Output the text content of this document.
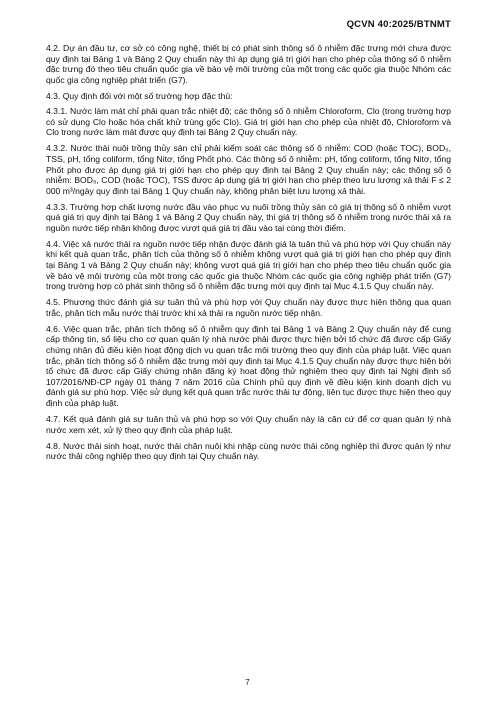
QCVN 40:2025/BTNMT

4.2. Dự án đầu tư, cơ sở có công nghệ, thiết bị có phát sinh thông số ô nhiễm đặc trưng mới chưa được quy định tại Bảng 1 và Bảng 2 Quy chuẩn này thì áp dụng giá trị giới hạn cho phép của thông số ô nhiễm đặc trưng đó theo tiêu chuẩn quốc gia về bảo vệ môi trường của một trong các quốc gia thuộc Nhóm các quốc gia công nghiệp phát triển (G7).

4.3. Quy định đối với một số trường hợp đặc thù:

4.3.1. Nước làm mát chỉ phải quan trắc nhiệt độ; các thông số ô nhiễm Chloroform, Clo (trong trường hợp có sử dụng Clo hoặc hóa chất khử trùng gốc Clo). Giá trị giới hạn cho phép của nhiệt độ, Chloroform và Clo trong nước làm mát được quy định tại Bảng 2 Quy chuẩn này.

4.3.2. Nước thải nuôi trồng thủy sản chỉ phải kiểm soát các thông số ô nhiễm: COD (hoặc TOC), BOD₅, TSS, pH, tổng coliform, tổng Nitơ, tổng Phốt pho. Các thông số ô nhiễm: pH, tổng coliform, tổng Nitơ, tổng Phốt pho được áp dụng giá trị giới hạn cho phép quy định tại Bảng 2 Quy chuẩn này; các thông số ô nhiễm: BOD₅, COD (hoặc TOC), TSS được áp dụng giá trị giới hạn cho phép theo lưu lượng xả thải F ≤ 2 000 m³/ngày quy định tại Bảng 1 Quy chuẩn này, không phân biệt lưu lượng xả thải.

4.3.3. Trường hợp chất lượng nước đầu vào phục vụ nuôi trồng thủy sản có giá trị thông số ô nhiễm vượt quá giá trị quy định tại Bảng 1 và Bảng 2 Quy chuẩn này, thì giá trị thông số ô nhiễm trong nước thải xả ra nguồn nước tiếp nhận không được vượt quá giá trị đầu vào tại cùng thời điểm.

4.4. Việc xả nước thải ra nguồn nước tiếp nhận được đánh giá là tuân thủ và phù hợp với Quy chuẩn này khi kết quả quan trắc, phân tích của thông số ô nhiễm không vượt quá giá trị giới hạn cho phép quy định tại Bảng 1 và Bảng 2 Quy chuẩn này; không vượt quá giá trị giới hạn cho phép theo tiêu chuẩn quốc gia về bảo vệ môi trường của một trong các quốc gia thuộc Nhóm các quốc gia công nghiệp phát triển (G7) trong trường hợp có phát sinh thông số ô nhiễm đặc trưng mới quy định tại Mục 4.1.5 Quy chuẩn này.

4.5. Phương thức đánh giá sự tuân thủ và phù hợp với Quy chuẩn này được thực hiện thông qua quan trắc, phân tích mẫu nước thải trước khi xả thải ra nguồn nước tiếp nhận.

4.6. Việc quan trắc, phân tích thông số ô nhiễm quy định tại Bảng 1 và Bảng 2 Quy chuẩn này để cung cấp thông tin, số liệu cho cơ quan quản lý nhà nước phải được thực hiện bởi tổ chức đã được cấp Giấy chứng nhận đủ điều kiện hoạt động dịch vụ quan trắc môi trường theo quy định của pháp luật. Việc quan trắc, phân tích thông số ô nhiễm đặc trưng mới quy định tại Mục 4.1.5 Quy chuẩn này được thực hiện bởi tổ chức đã được cấp Giấy chứng nhận đăng ký hoạt động thử nghiệm theo quy định tại Nghị định số 107/2016/NĐ-CP ngày 01 tháng 7 năm 2016 của Chính phủ quy định về điều kiện kinh doanh dịch vụ đánh giá sự phù hợp. Việc sử dụng kết quả quan trắc nước thải tự động, liên tục được thực hiện theo quy định của pháp luật.

4.7. Kết quả đánh giá sự tuân thủ và phù hợp so với Quy chuẩn này là căn cứ để cơ quan quản lý nhà nước xem xét, xử lý theo quy định của pháp luật.

4.8. Nước thải sinh hoạt, nước thải chăn nuôi khi nhập cùng nước thải công nghiệp thì được quản lý như nước thải công nghiệp theo quy định tại Quy chuẩn này.

7
